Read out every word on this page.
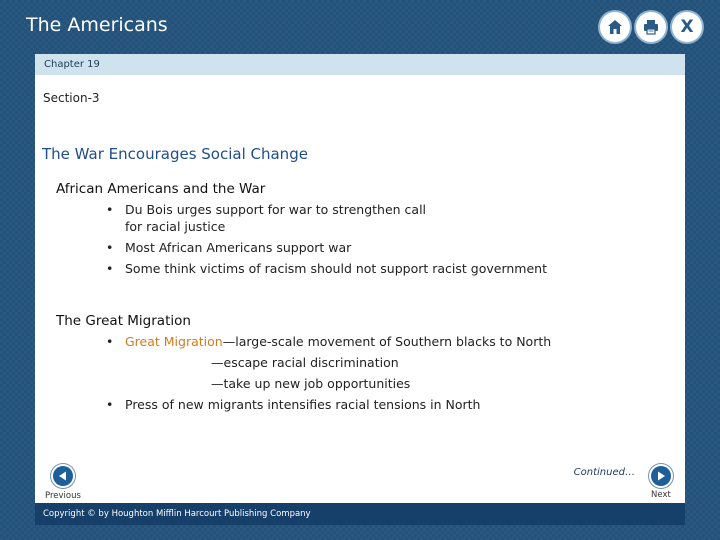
The Americans	X
Chapter 19
Section-3
The War Encourages Social Change
African Americans and the War
• Du Bois urges support for war to strengthen call
for racial justice
• Most African Americans support war
• Some think victims of racism should not support racist government
The Great Migration
• Great Migration—large-scale movement of Southern blacks to North
—escape racial discrimination
—take up new job opportunities
• Press of new migrants intensifies racial tensions in North
Continued…
Previous	Next
Copyright © by Houghton Mifflin Harcourt Publishing Company
